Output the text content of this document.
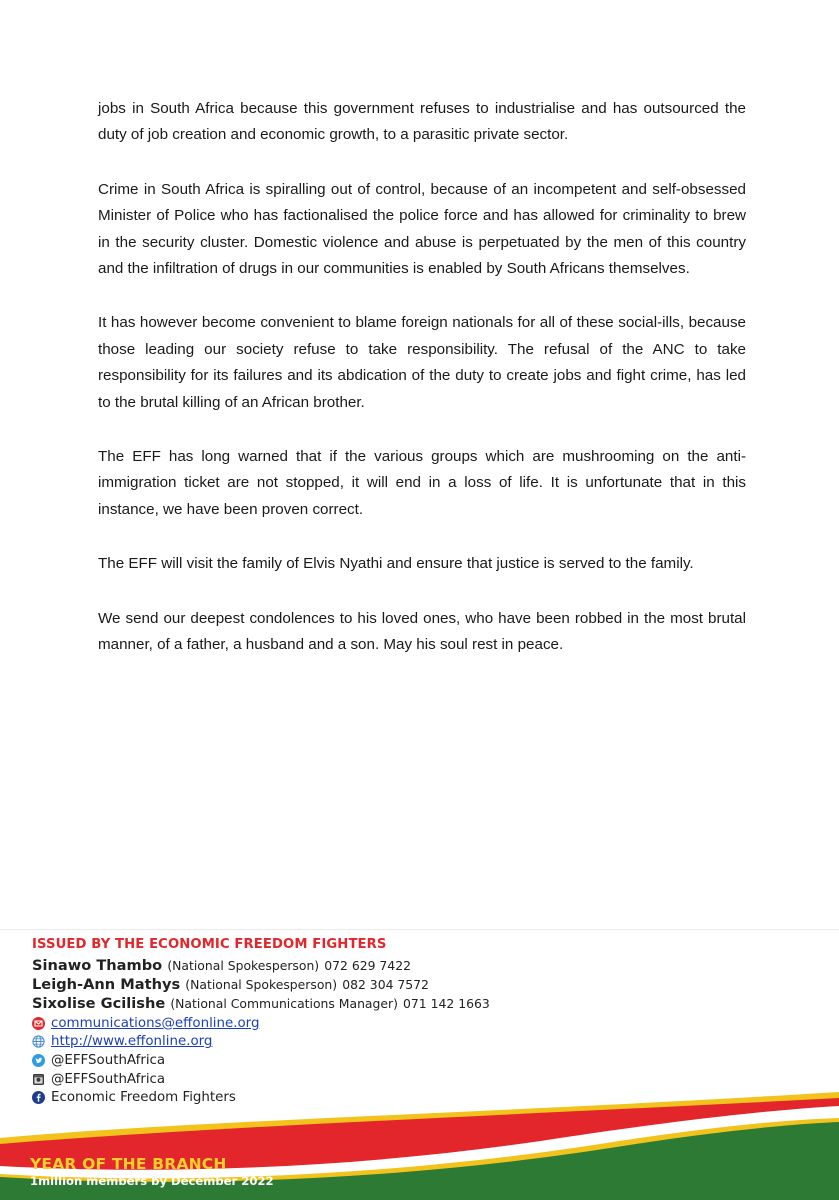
jobs in South Africa because this government refuses to industrialise and has outsourced the duty of job creation and economic growth, to a parasitic private sector.

Crime in South Africa is spiralling out of control, because of an incompetent and self-obsessed Minister of Police who has factionalised the police force and has allowed for criminality to brew in the security cluster. Domestic violence and abuse is perpetuated by the men of this country and the infiltration of drugs in our communities is enabled by South Africans themselves.

It has however become convenient to blame foreign nationals for all of these social-ills, because those leading our society refuse to take responsibility. The refusal of the ANC to take responsibility for its failures and its abdication of the duty to create jobs and fight crime, has led to the brutal killing of an African brother.

The EFF has long warned that if the various groups which are mushrooming on the anti-immigration ticket are not stopped, it will end in a loss of life. It is unfortunate that in this instance, we have been proven correct.

The EFF will visit the family of Elvis Nyathi and ensure that justice is served to the family.

We send our deepest condolences to his loved ones, who have been robbed in the most brutal manner, of a father, a husband and a son. May his soul rest in peace.

ISSUED BY THE ECONOMIC FREEDOM FIGHTERS
Sinawo Thambo (National Spokesperson) 072 629 7422
Leigh-Ann Mathys (National Spokesperson) 082 304 7572
Sixolise Gcilishe (National Communications Manager) 071 142 1663
communications@effonline.org
http://www.effonline.org
@EFFSouthAfrica
@EFFSouthAfrica
Economic Freedom Fighters
YEAR OF THE BRANCH
1million members by December 2022
